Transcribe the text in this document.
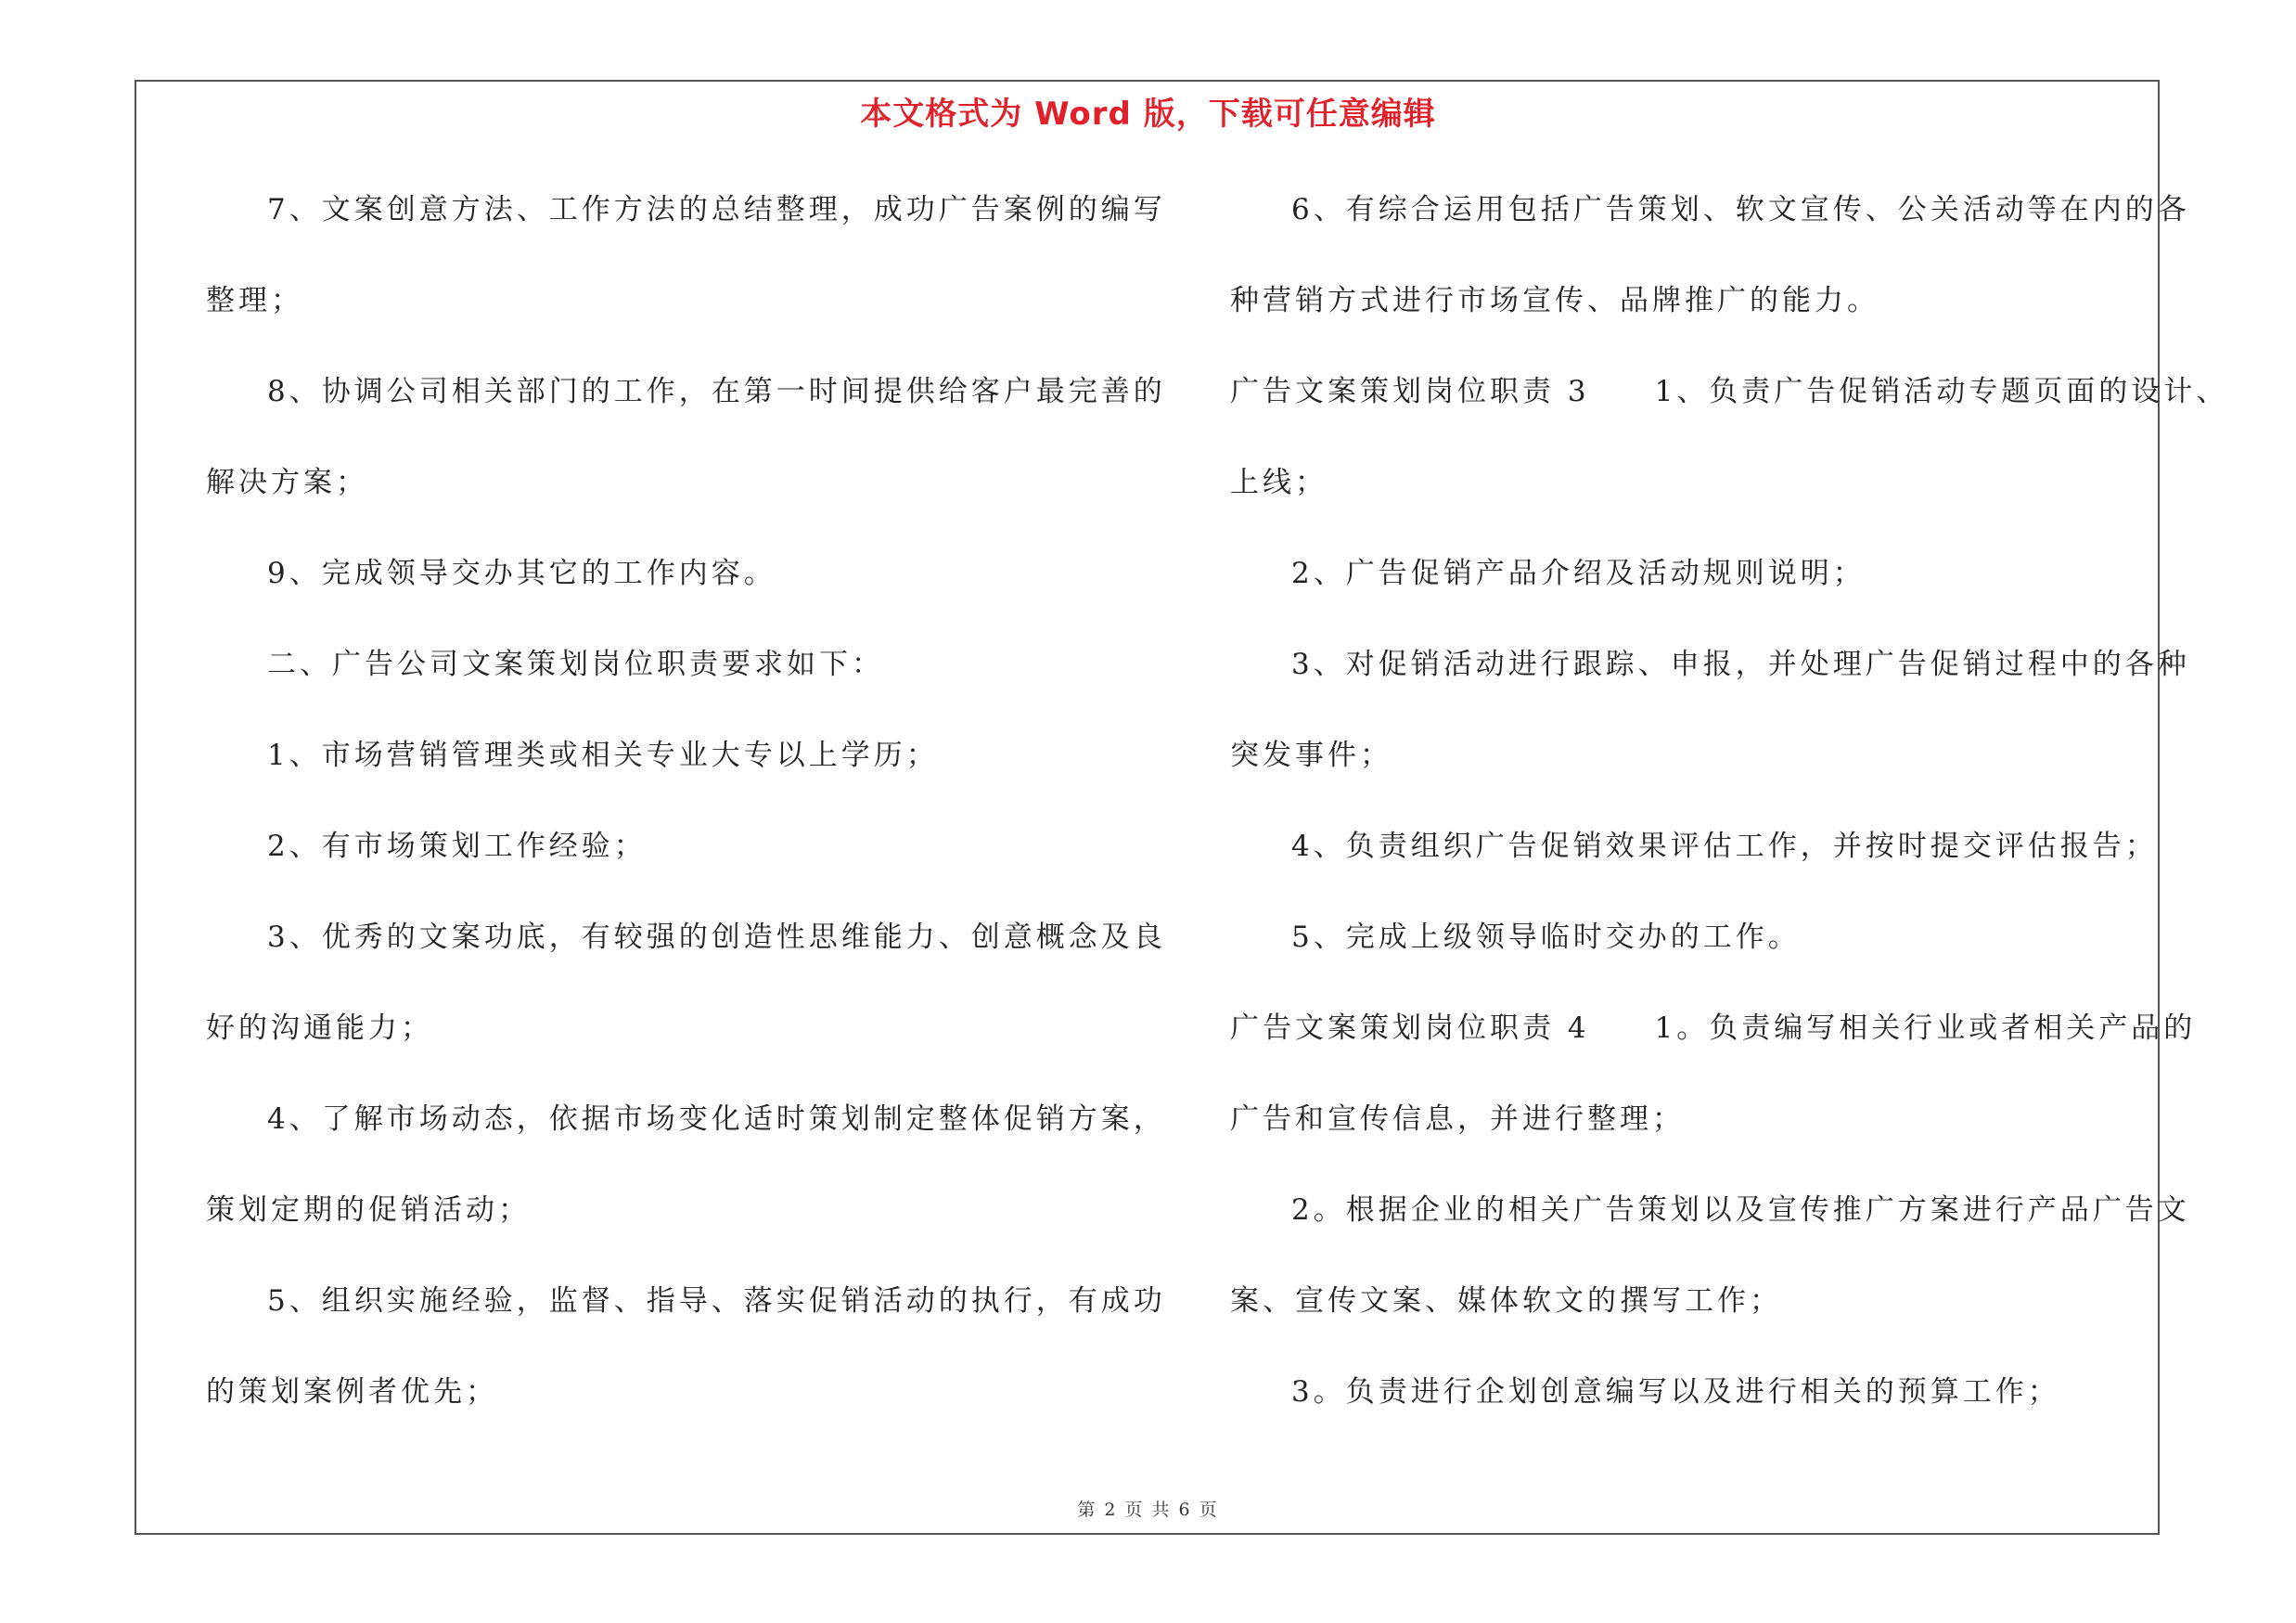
本文格式为 Word 版，下载可任意编辑
7、文案创意方法、工作方法的总结整理，成功广告案例的编写
整理；
8、协调公司相关部门的工作，在第一时间提供给客户最完善的
解决方案；
9、完成领导交办其它的工作内容。
二、广告公司文案策划岗位职责要求如下：
1、市场营销管理类或相关专业大专以上学历；
2、有市场策划工作经验；
3、优秀的文案功底，有较强的创造性思维能力、创意概念及良
好的沟通能力；
4、了解市场动态，依据市场变化适时策划制定整体促销方案，
策划定期的促销活动；
5、组织实施经验，监督、指导、落实促销活动的执行，有成功
的策划案例者优先；
6、有综合运用包括广告策划、软文宣传、公关活动等在内的各
种营销方式进行市场宣传、品牌推广的能力。
广告文案策划岗位职责 3　　1、负责广告促销活动专题页面的设计、
上线；
2、广告促销产品介绍及活动规则说明；
3、对促销活动进行跟踪、申报，并处理广告促销过程中的各种
突发事件；
4、负责组织广告促销效果评估工作，并按时提交评估报告；
5、完成上级领导临时交办的工作。
广告文案策划岗位职责 4　　1。负责编写相关行业或者相关产品的
广告和宣传信息，并进行整理；
2。根据企业的相关广告策划以及宣传推广方案进行产品广告文
案、宣传文案、媒体软文的撰写工作；
3。负责进行企划创意编写以及进行相关的预算工作；
第 2 页 共 6 页
